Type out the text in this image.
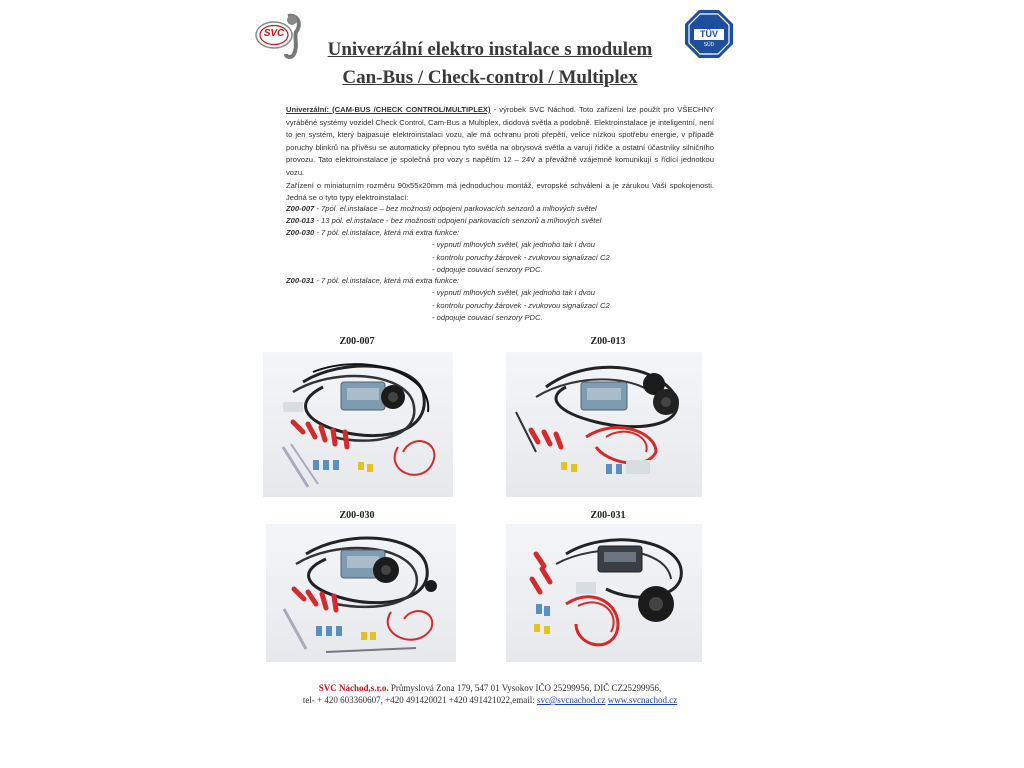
SVC	TÜV
SÜD
Univerzální elektro instalace s modulem
Can-Bus / Check-control / Multiplex

Univerzální: (CAM-BUS /CHECK CONTROL/MULTIPLEX) - výrobek SVC Náchod. Toto zařízení lze použít pro VŠECHNY vyráběné systémy vozidel Check Control, Cam-Bus a Multiplex, diodová světla a podobně. Elektroinstalace je inteligentní, není to jen systém, který bajpasuje elektroinstalaci vozu, ale má ochranu proti přepětí, velice nízkou spotřebu energie, v případě poruchy blinkrů na přívěsu se automaticky přepnou tyto světla na obrysová světla a varují řidiče a ostatní účastníky silničního provozu. Tato elektroinstalace je společná pro vozy s napětím 12 – 24V a převážně vzájemně komunikují s řídící jednotkou vozu.

Zařízení o miniaturním rozměru 90x55x20mm má jednoduchou montáž, evropské schválení a je zárukou Vaší spokojenosti. Jedná se o tyto typy elektroinstalací:

Z00-007 - 7pól. el.instalace – bez možnosti odpojení parkovacích senzorů a mlhových světel
Z00-013 - 13 pól. el.instalace - bez možnosti odpojení parkovacích senzorů a mlhových světel
Z00-030 - 7 pól. el.instalace, která má extra funkce:
- vypnutí mlhových světel, jak jednoho tak i dvou
- kontrolu poruchy žárovek - zvukovou signalizací C2
- odpojuje couvací senzory PDC.
Z00-031 - 7 pól. el.instalace, která má extra funkce:
- vypnutí mlhových světel, jak jednoho tak i dvou
- kontrolu poruchy žárovek - zvukovou signalizací C2
- odpojuje couvací senzory PDC.
Z00-007	Z00-013
Z00-030	Z00-031
SVC Náchod,s.r.o. Průmyslová Zona 179, 547 01 Vysokov IČO 25299956, DIČ CZ25299956,
tel- + 420 603360607, +420 491420021 +420 491421022,email: svc@svcnachod.cz www.svcnachod.cz
